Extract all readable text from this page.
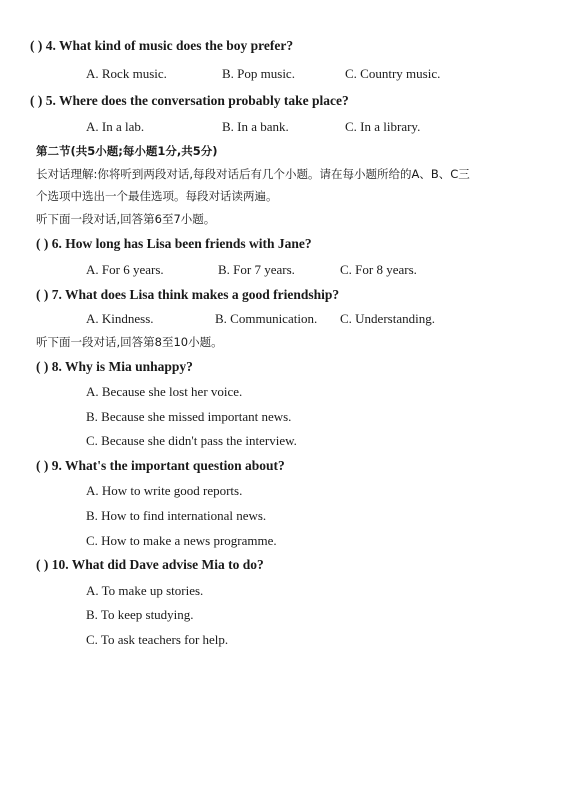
( ) 4. What kind of music does the boy prefer?
A. Rock music.	B. Pop music.	C. Country music.
( ) 5. Where does the conversation probably take place?
A. In a lab.	B. In a bank.	C. In a library.
第二节(共5小题;每小题1分,共5分)
长对话理解:你将听到两段对话,每段对话后有几个小题。请在每小题所给的A、B、C三
个选项中选出一个最佳选项。每段对话读两遍。
听下面一段对话,回答第6至7小题。
( ) 6. How long has Lisa been friends with Jane?
A. For 6 years.	B. For 7 years.	C. For 8 years.
( ) 7. What does Lisa think makes a good friendship?
A. Kindness.	B. Communication. C. Understanding.
听下面一段对话,回答第8至10小题。
( ) 8. Why is Mia unhappy?
A. Because she lost her voice.
B. Because she missed important news.
C. Because she didn't pass the interview.
( ) 9. What's the important question about?
A. How to write good reports.
B. How to find international news.
C. How to make a news programme.
( ) 10. What did Dave advise Mia to do?
A. To make up stories.
B. To keep studying.
C. To ask teachers for help.
